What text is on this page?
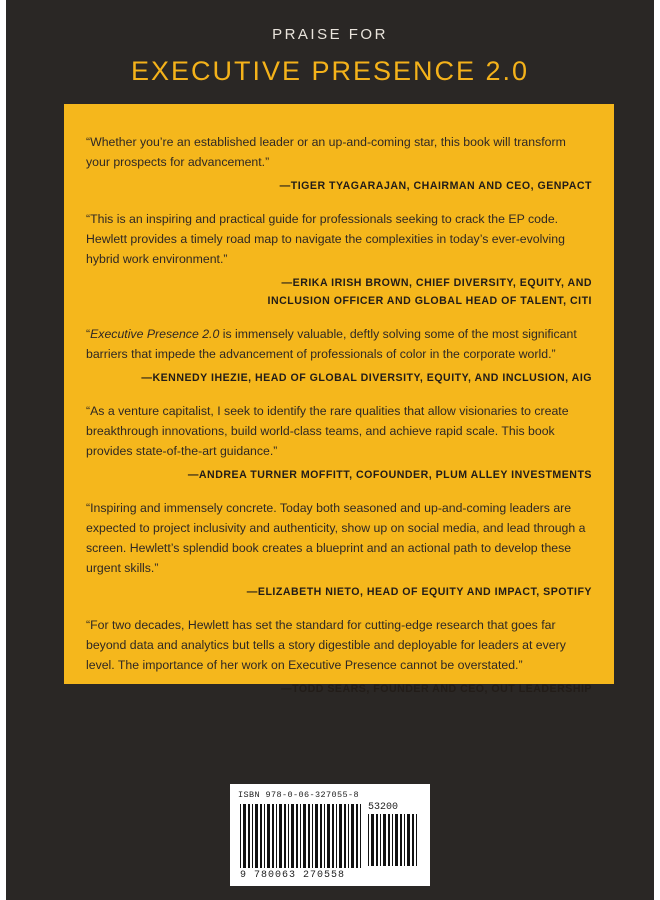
PRAISE FOR
EXECUTIVE PRESENCE 2.0

“Whether you’re an established leader or an up-and-coming star, this book will transform your prospects for advancement.”

—TIGER TYAGARAJAN, CHAIRMAN AND CEO, GENPACT

“This is an inspiring and practical guide for professionals seeking to crack the EP code. Hewlett provides a timely road map to navigate the complexities in today’s ever-evolving hybrid work environment.”

—ERIKA IRISH BROWN, CHIEF DIVERSITY, EQUITY, AND
INCLUSION OFFICER AND GLOBAL HEAD OF TALENT, CITI

“Executive Presence 2.0 is immensely valuable, deftly solving some of the most significant barriers that impede the advancement of professionals of color in the corporate world.”

—KENNEDY IHEZIE, HEAD OF GLOBAL DIVERSITY, EQUITY, AND INCLUSION, AIG

“As a venture capitalist, I seek to identify the rare qualities that allow visionaries to create breakthrough innovations, build world-class teams, and achieve rapid scale. This book provides state-of-the-art guidance.”

—ANDREA TURNER MOFFITT, COFOUNDER, PLUM ALLEY INVESTMENTS

“Inspiring and immensely concrete. Today both seasoned and up-and-coming leaders are expected to project inclusivity and authenticity, show up on social media, and lead through a screen. Hewlett’s splendid book creates a blueprint and an actional path to develop these urgent skills.”

—ELIZABETH NIETO, HEAD OF EQUITY AND IMPACT, SPOTIFY

“For two decades, Hewlett has set the standard for cutting-edge research that goes far beyond data and analytics but tells a story digestible and deployable for leaders at every level. The importance of her work on Executive Presence cannot be overstated.”

—TODD SEARS, FOUNDER AND CEO, OUT LEADERSHIP
ISBN 978-0-06-327055-8
53200
9 780063 270558
